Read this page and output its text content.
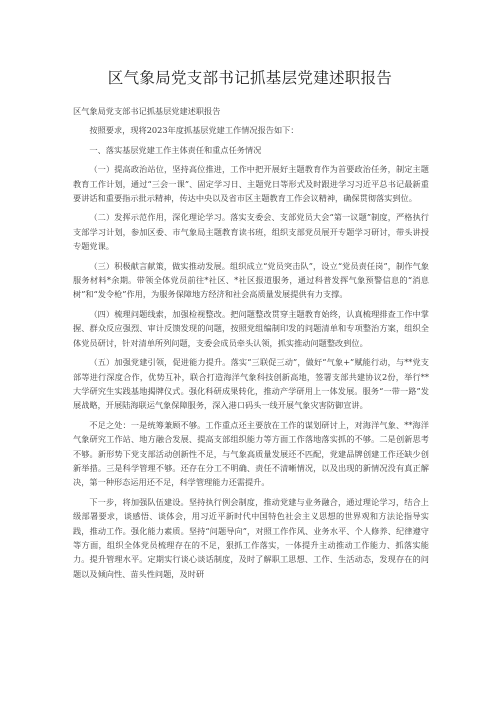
区气象局党支部书记抓基层党建述职报告

区气象局党支部书记抓基层党建述职报告

按照要求，现将2023年度抓基层党建工作情况报告如下：

一、落实基层党建工作主体责任和重点任务情况

（一）提高政治站位，坚持高位推进，工作中把开展好主题教育作为首要政治任务，制定主题教育工作计划，通过“三会一课”、固定学习日、主题党日等形式及时跟进学习习近平总书记最新重要讲话和重要指示批示精神，传达中央以及省市区主题教育工作会议精神，确保贯彻落实到位。

（二）发挥示范作用，深化理论学习。落实支委会、支部党员大会“第一议题”制度，严格执行支部学习计划，参加区委、市气象局主题教育读书班，组织支部党员展开专题学习研讨，带头讲授专题党课。

（三）积极献言献策，做实推动发展。组织成立“党员突击队”，设立“党员责任岗”，制作气象服务材料*余期。带领全体党员前往*社区、*社区报道服务，通过科普发挥气象预警信息的“消息树”和“发令枪”作用，为服务保障地方经济和社会高质量发展提供有力支撑。

（四）梳理问题线索，加强检视整改。把问题整改贯穿主题教育始终，认真梳理排查工作中掌握、群众反应强烈、审计反馈发现的问题，按照党组编制印发的问题清单和专项整治方案，组织全体党员研讨，针对清单所列问题，支委会成员牵头认领，抓实推动问题整改到位。

（五）加强党建引领，促进能力提升。落实“三联促三动”，做好“气象+”赋能行动，与**党支部等进行深度合作，优势互补，联合打造海洋气象科技创新高地，签署支部共建协议2份，举行**大学研究生实践基地揭牌仪式。强化科研成果转化，推动产学研用上一体发展。服务“一带一路”发展战略，开展陆海联运气象保障服务，深入港口码头一线开展气象灾害防御宣讲。

不足之处：一是统筹兼顾不够。工作重点还主要放在工作的谋划研讨上，对海洋气象、**海洋气象研究工作站、地方融合发展、提高支部组织能力等方面工作落地落实抓的不够。二是创新思考不够。新形势下党支部活动创新性不足，与气象高质量发展还不匹配，党建品牌创建工作还缺少创新举措。三是科学管理不够。还存在分工不明确、责任不清晰情况，以及出现的新情况没有真正解决，第一种形态运用还不足，科学管理能力还需提升。

下一步，将加强队伍建设。坚持执行例会制度，推动党建与业务融合，通过理论学习，结合上级部署要求，谈感悟、谈体会，用习近平新时代中国特色社会主义思想的世界观和方法论指导实践，推动工作。强化能力素质。坚持“问题导向”，对照工作作风、业务水平、个人修养、纪律遵守等方面，组织全体党员梳理存在的不足，狠抓工作落实，一体提升主动推动工作能力、抓落实能力。提升管理水平。定期实行谈心谈话制度，及时了解职工思想、工作、生活动态，发现存在的问题以及倾向性、苗头性问题，及时研
